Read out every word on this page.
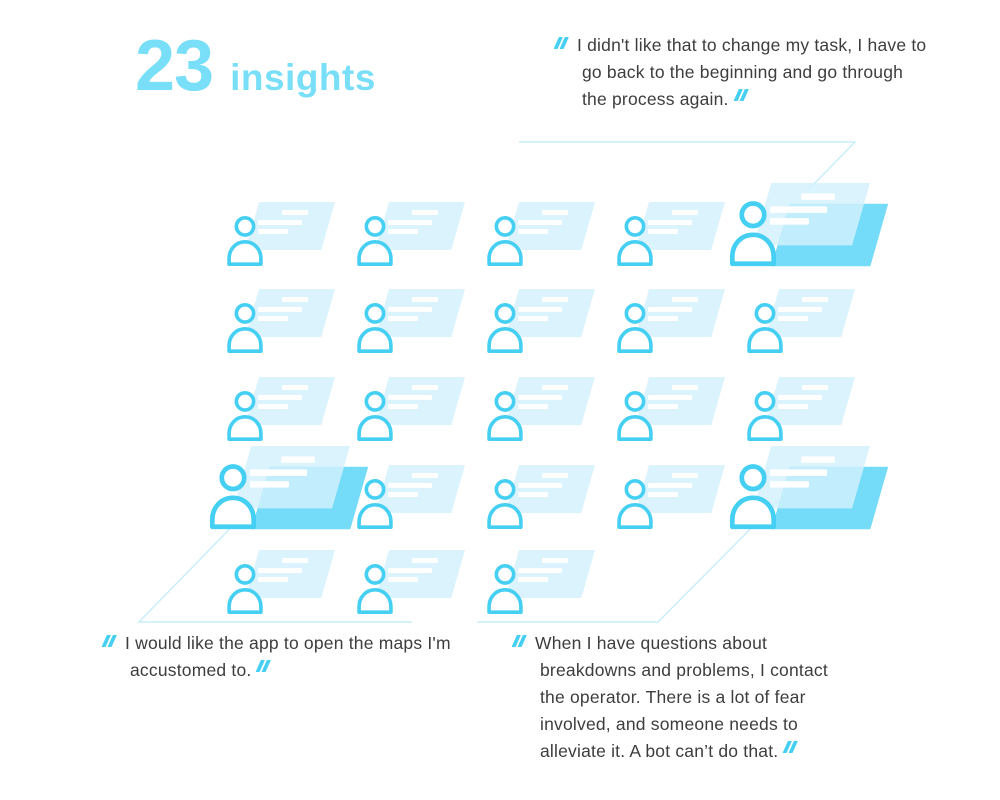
23 insights
I didn't like that to change my task, I have to go back to the beginning and go through the process again.
I would like the app to open the maps I'm accustomed to.
When I have questions about breakdowns and problems, I contact the operator. There is a lot of fear involved, and someone needs to alleviate it. A bot can’t do that.
